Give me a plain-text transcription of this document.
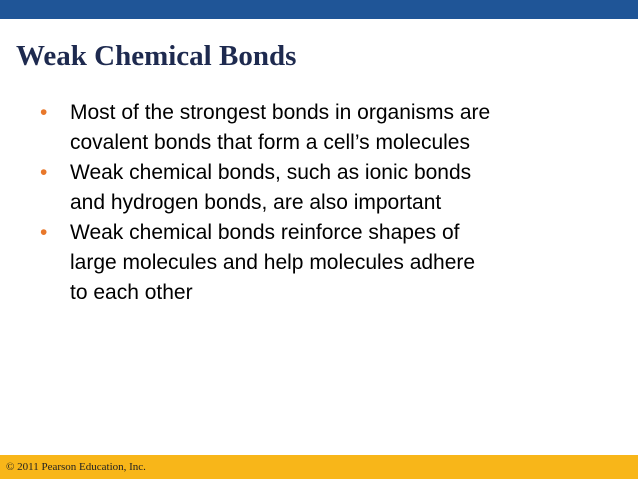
Weak Chemical Bonds
• Most of the strongest bonds in organisms are
covalent bonds that form a cell’s molecules
• Weak chemical bonds, such as ionic bonds
and hydrogen bonds, are also important
• Weak chemical bonds reinforce shapes of
large molecules and help molecules adhere
to each other
© 2011 Pearson Education, Inc.
